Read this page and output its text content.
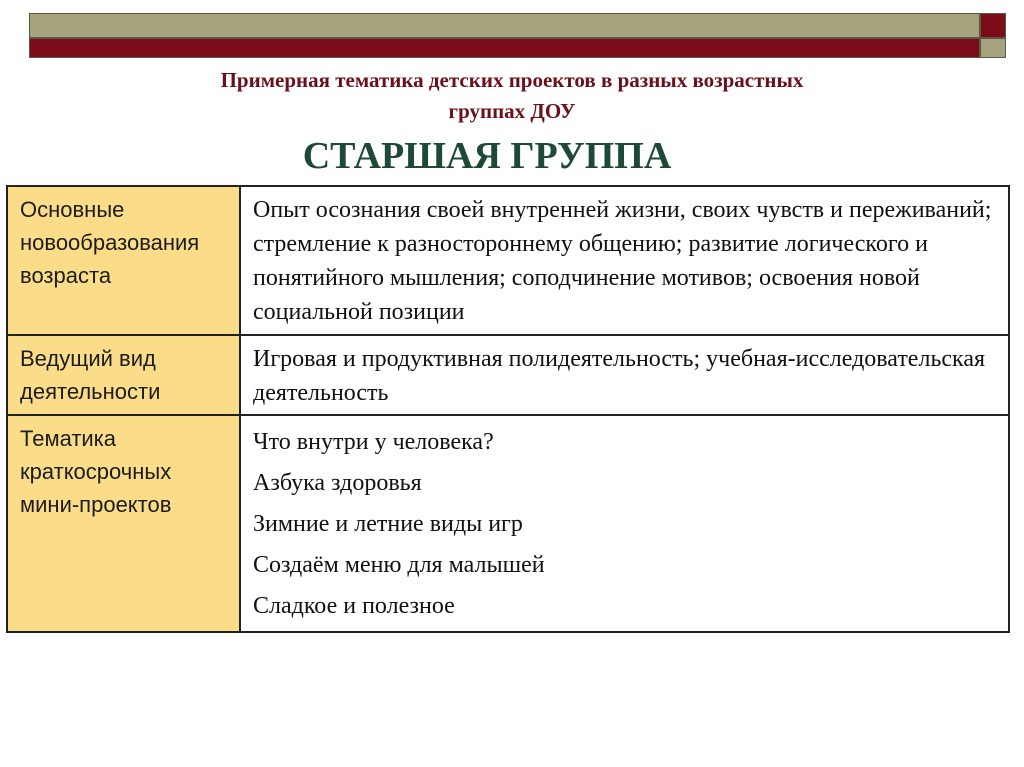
Примерная тематика детских проектов в разных возрастных

группах ДОУ

СТАРШАЯ ГРУППА
Основные новообразования возраста	Опыт осознания своей внутренней жизни, своих чувств и переживаний; стремление к разностороннему общению; развитие логического и понятийного мышления; соподчинение мотивов; освоения новой социальной позиции

Ведущий вид деятельности	Игровая и продуктивная полидеятельность; учебная-исследовательская деятельность

Тематика краткосрочных мини-проектов	Что внутри у человека?
Азбука здоровья
Зимние и летние виды игр
Создаём меню для малышей
Сладкое и полезное
